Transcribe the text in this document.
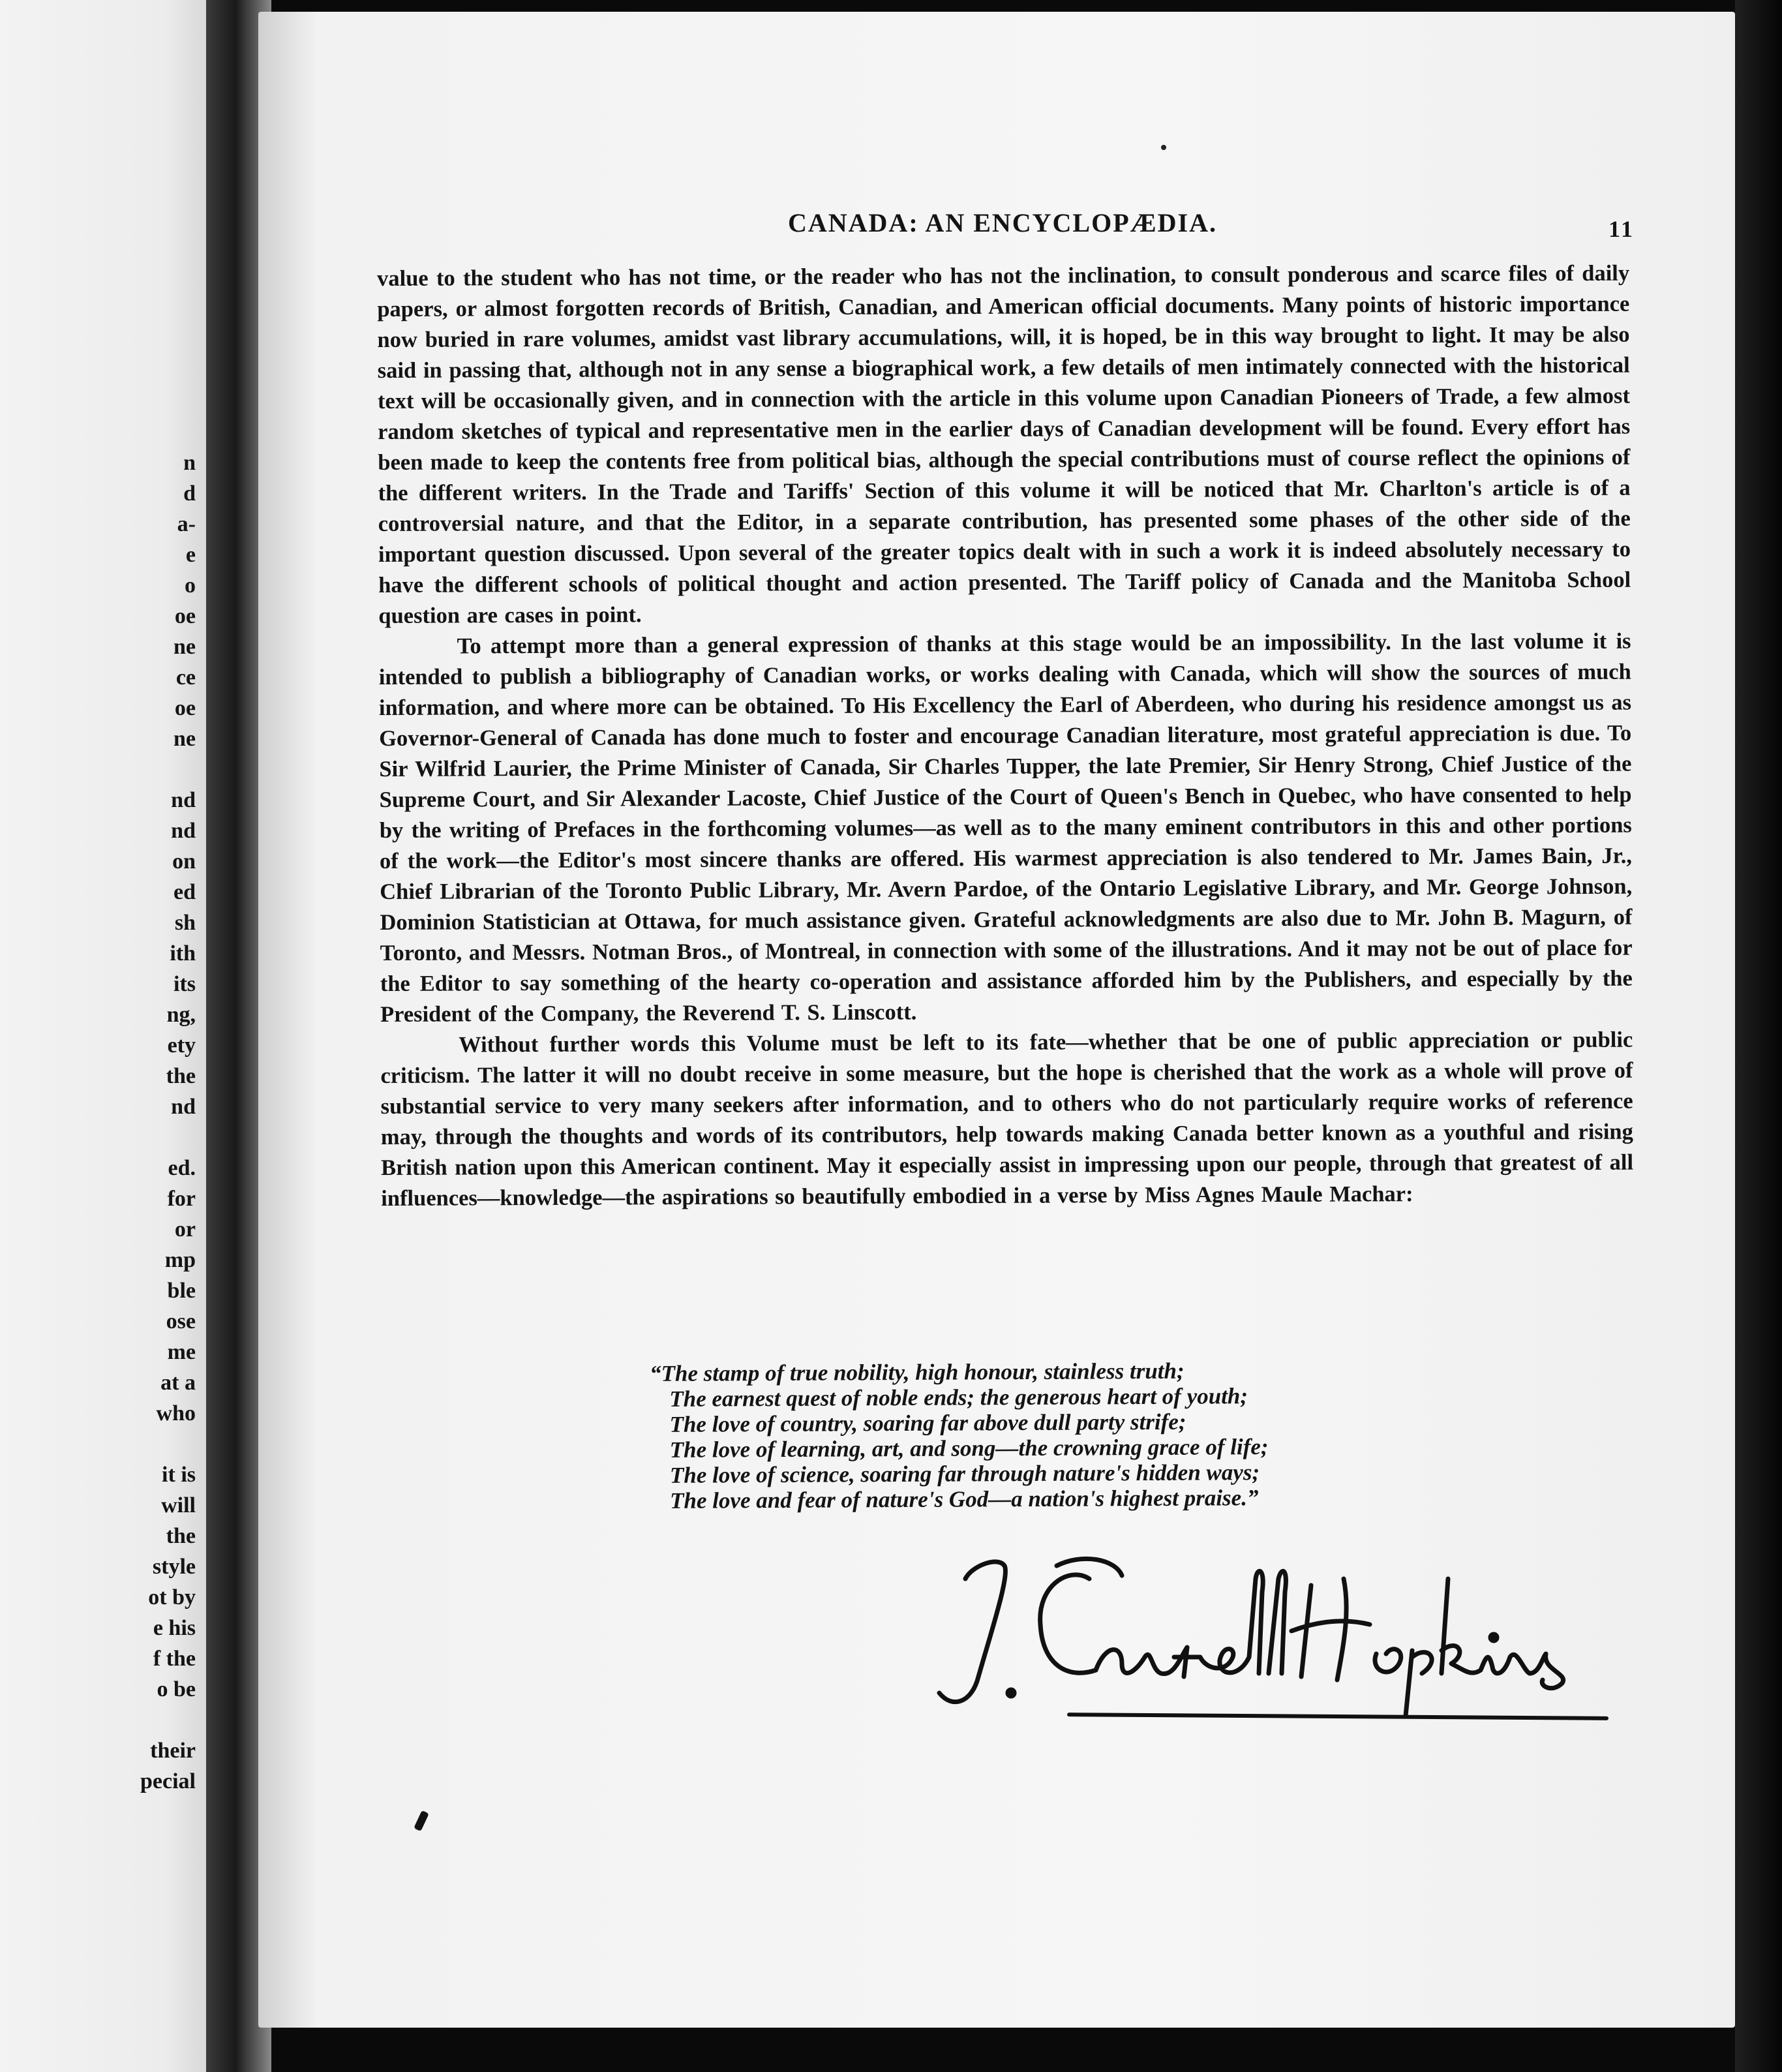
n
d
a-
e
o
oe
ne
ce
oe
ne
nd
nd
on
ed
sh
ith
its
ng,
ety
the
nd
ed.
for
or
mp
ble
ose
me
at a
who
it is
will
the
style
ot by
e his
f the
o be
their
pecial
CANADA: AN ENCYCLOPÆDIA.	11

value to the student who has not time, or the reader who has not the inclination, to consult ponderous and scarce files of daily papers, or almost forgotten records of British, Canadian, and American official documents. Many points of historic importance now buried in rare volumes, amidst vast library accumulations, will, it is hoped, be in this way brought to light. It may be also said in passing that, although not in any sense a biographical work, a few details of men intimately connected with the historical text will be occasionally given, and in connection with the article in this volume upon Canadian Pioneers of Trade, a few almost random sketches of typical and representative men in the earlier days of Canadian development will be found. Every effort has been made to keep the contents free from political bias, although the special contributions must of course reflect the opinions of the different writers. In the Trade and Tariffs' Section of this volume it will be noticed that Mr. Charlton's article is of a controversial nature, and that the Editor, in a separate contribution, has presented some phases of the other side of the important question discussed. Upon several of the greater topics dealt with in such a work it is indeed absolutely necessary to have the different schools of political thought and action presented. The Tariff policy of Canada and the Manitoba School question are cases in point.

To attempt more than a general expression of thanks at this stage would be an impossibility. In the last volume it is intended to publish a bibliography of Canadian works, or works dealing with Canada, which will show the sources of much information, and where more can be obtained. To His Excellency the Earl of Aberdeen, who during his residence amongst us as Governor-General of Canada has done much to foster and encourage Canadian literature, most grateful appreciation is due. To Sir Wilfrid Laurier, the Prime Minister of Canada, Sir Charles Tupper, the late Premier, Sir Henry Strong, Chief Justice of the Supreme Court, and Sir Alexander Lacoste, Chief Justice of the Court of Queen's Bench in Quebec, who have consented to help by the writing of Prefaces in the forthcoming volumes—as well as to the many eminent contributors in this and other portions of the work—the Editor's most sincere thanks are offered. His warmest appreciation is also tendered to Mr. James Bain, Jr., Chief Librarian of the Toronto Public Library, Mr. Avern Pardoe, of the Ontario Legislative Library, and Mr. George Johnson, Dominion Statistician at Ottawa, for much assistance given. Grateful acknowledgments are also due to Mr. John B. Magurn, of Toronto, and Messrs. Notman Bros., of Montreal, in connection with some of the illustrations. And it may not be out of place for the Editor to say something of the hearty co-operation and assistance afforded him by the Publishers, and especially by the President of the Company, the Reverend T. S. Linscott.

Without further words this Volume must be left to its fate—whether that be one of public appreciation or public criticism. The latter it will no doubt receive in some measure, but the hope is cherished that the work as a whole will prove of substantial service to very many seekers after information, and to others who do not particularly require works of reference may, through the thoughts and words of its contributors, help towards making Canada better known as a youthful and rising British nation upon this American continent. May it especially assist in impressing upon our people, through that greatest of all influences—knowledge—the aspirations so beautifully embodied in a verse by Miss Agnes Maule Machar:

“The stamp of true nobility, high honour, stainless truth;
The earnest quest of noble ends; the generous heart of youth;
The love of country, soaring far above dull party strife;
The love of learning, art, and song—the crowning grace of life;
The love of science, soaring far through nature's hidden ways;
The love and fear of nature's God—a nation's highest praise.”
